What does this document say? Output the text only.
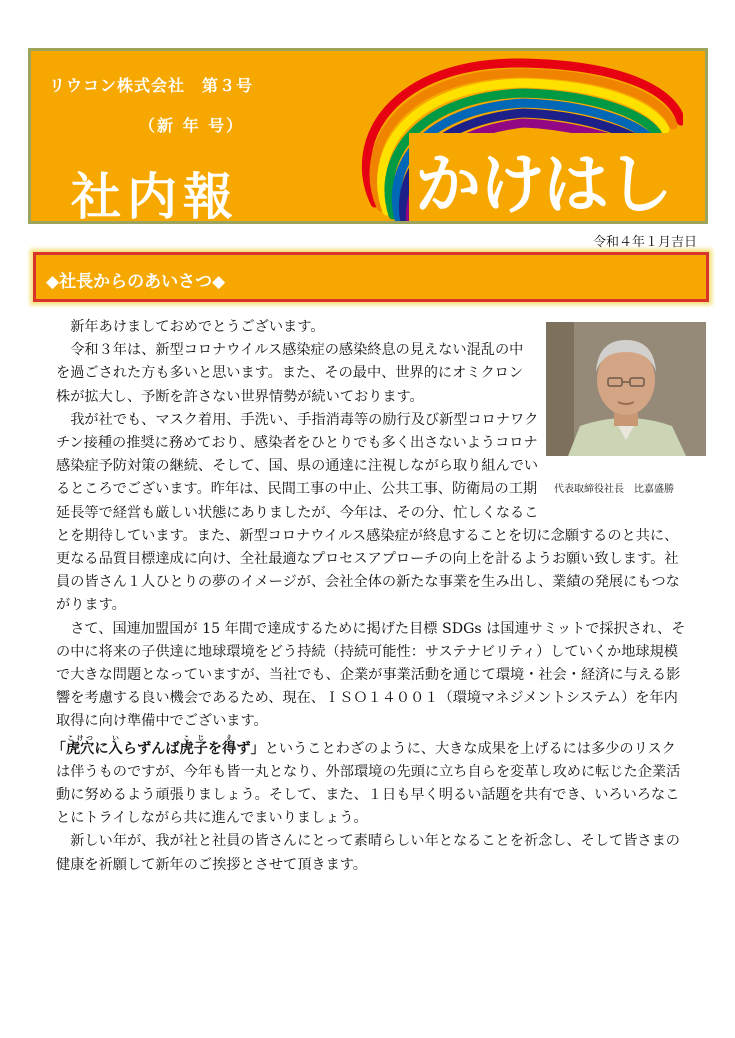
リウコン株式会社　第３号
（新 年 号）
社内報	かけはし
令和４年１月吉日
◆社長からのあいさつ◆
代表取締役社長　比嘉盛勝

新年あけましておめでとうございます。

令和３年は、新型コロナウイルス感染症の感染終息の見えない混乱の中を過ごされた方も多いと思います。また、その最中、世界的にオミクロン株が拡大し、予断を許さない世界情勢が続いております。

我が社でも、マスク着用、手洗い、手指消毒等の励行及び新型コロナワクチン接種の推奨に務めており、感染者をひとりでも多く出さないようコロナ感染症予防対策の継続、そして、国、県の通達に注視しながら取り組んでいるところでございます。昨年は、民間工事の中止、公共工事、防衛局の工期延長等で経営も厳しい状態にありましたが、今年は、その分、忙しくなることを期待しています。また、新型コロナウイルス感染症が終息することを切に念願するのと共に、更なる品質目標達成に向け、全社最適なプロセスアプローチの向上を計るようお願い致します。社員の皆さん１人ひとりの夢のイメージが、会社全体の新たな事業を生み出し、業績の発展にもつながります。

さて、国連加盟国が 15 年間で達成するために掲げた目標 SDGs は国連サミットで採択され、その中に将来の子供達に地球環境をどう持続（持続可能性：サステナビリティ）していくか地球規模で大きな問題となっていますが、当社でも、企業が事業活動を通じて環境・社会・経済に与える影響を考慮する良い機会であるため、現在、ＩＳＯ１４００１（環境マネジメントシステム）を年内取得に向け準備中でございます。

「虎穴こけつに入いらずんば虎子こじを得えず」ということわざのように、大きな成果を上げるには多少のリスクは伴うものですが、今年も皆一丸となり、外部環境の先頭に立ち自らを変革し攻めに転じた企業活動に努めるよう頑張りましょう。そして、また、１日も早く明るい話題を共有でき、いろいろなことにトライしながら共に進んでまいりましょう。

新しい年が、我が社と社員の皆さんにとって素晴らしい年となることを祈念し、そして皆さまの健康を祈願して新年のご挨拶とさせて頂きます。
